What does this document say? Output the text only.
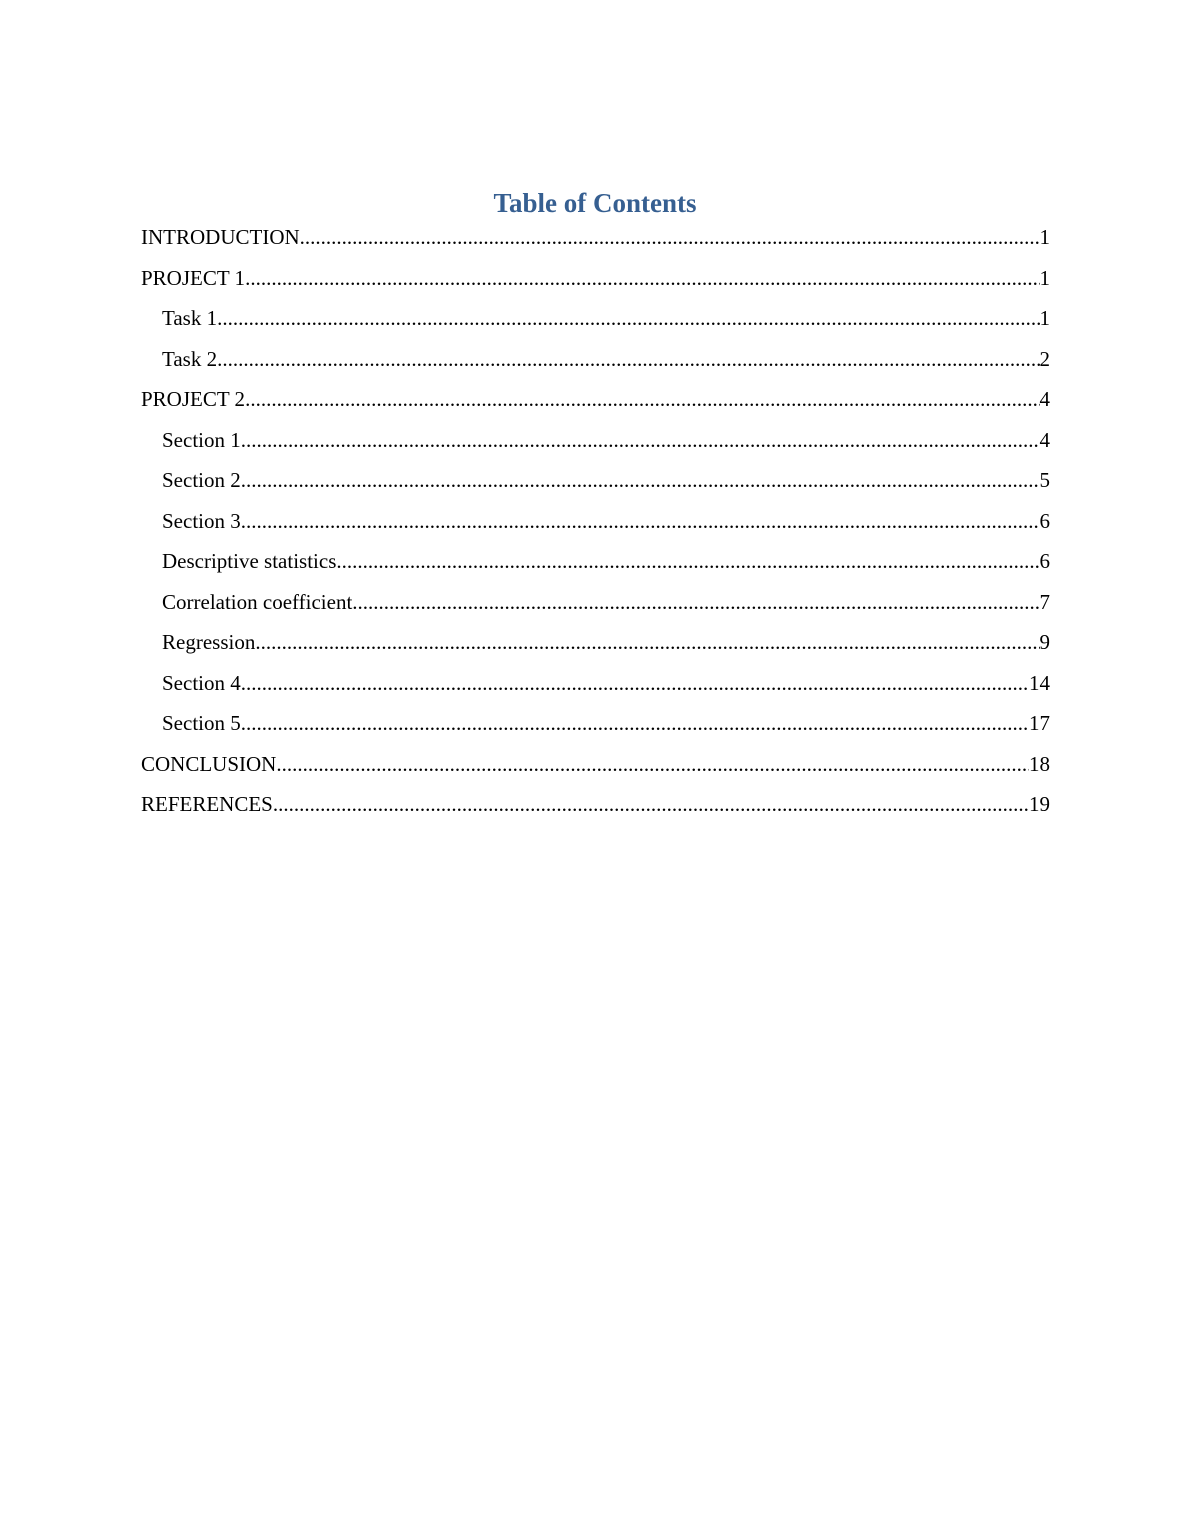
Table of Contents
INTRODUCTION .....	1
PROJECT 1 .....	1
Task 1 .....	1
Task 2 .....	2
PROJECT 2 .....	4
Section 1 .....	4
Section 2 .....	5
Section 3 .....	6
Descriptive statistics .....	6
Correlation coefficient .....	7
Regression .....	9
Section 4 .....	14
Section 5 .....	17
CONCLUSION .....	18
REFERENCES .....	19
